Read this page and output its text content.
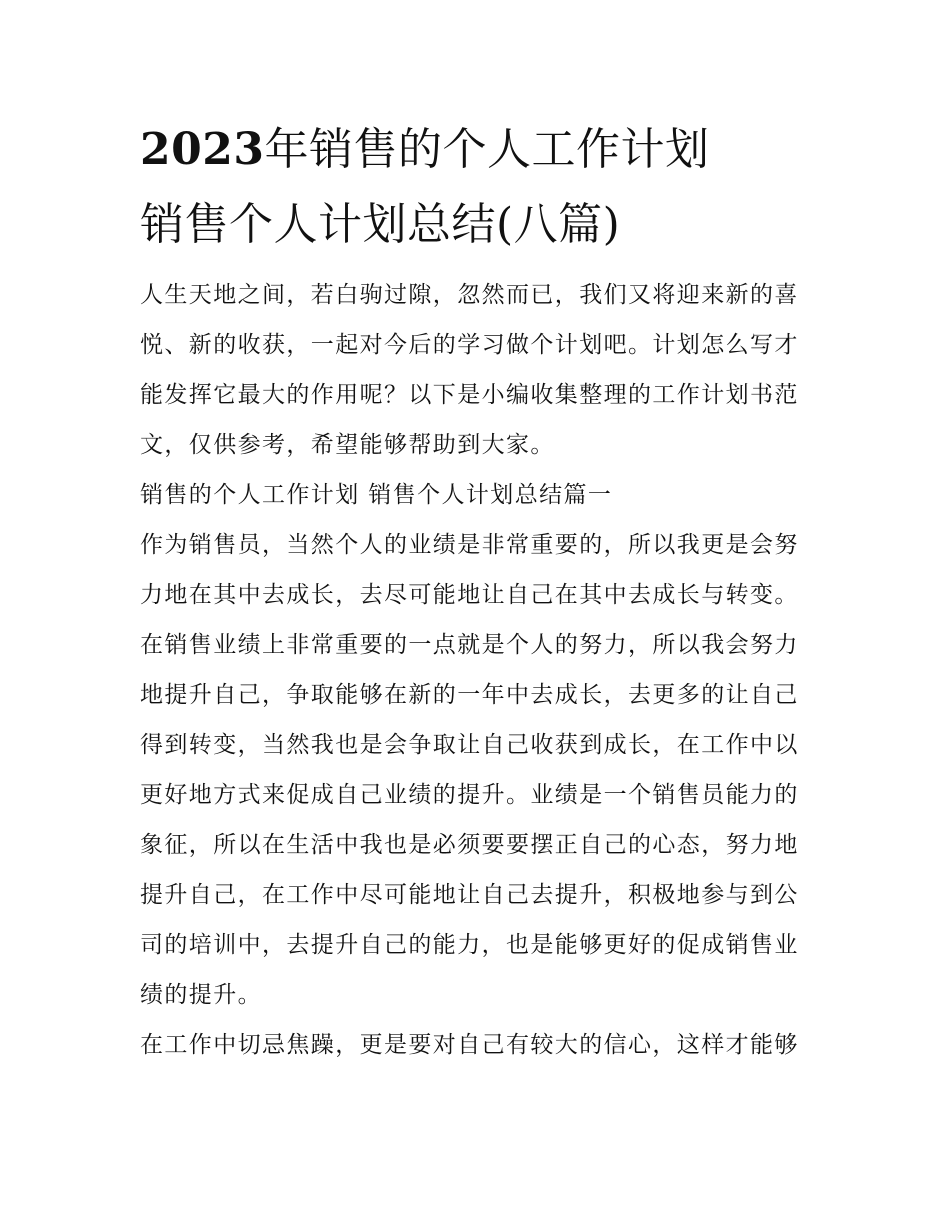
2023年销售的个人工作计划
销售个人计划总结(八篇)

人生天地之间，若白驹过隙，忽然而已，我们又将迎来新的喜
悦、新的收获，一起对今后的学习做个计划吧。计划怎么写才
能发挥它最大的作用呢？以下是小编收集整理的工作计划书范
文，仅供参考，希望能够帮助到大家。

销售的个人工作计划 销售个人计划总结篇一

作为销售员，当然个人的业绩是非常重要的，所以我更是会努
力地在其中去成长，去尽可能地让自己在其中去成长与转变。
在销售业绩上非常重要的一点就是个人的努力，所以我会努力
地提升自己，争取能够在新的一年中去成长，去更多的让自己
得到转变，当然我也是会争取让自己收获到成长，在工作中以
更好地方式来促成自己业绩的提升。业绩是一个销售员能力的
象征，所以在生活中我也是必须要要摆正自己的心态，努力地
提升自己，在工作中尽可能地让自己去提升，积极地参与到公
司的培训中，去提升自己的能力，也是能够更好的促成销售业
绩的提升。

在工作中切忌焦躁，更是要对自己有较大的信心，这样才能够
